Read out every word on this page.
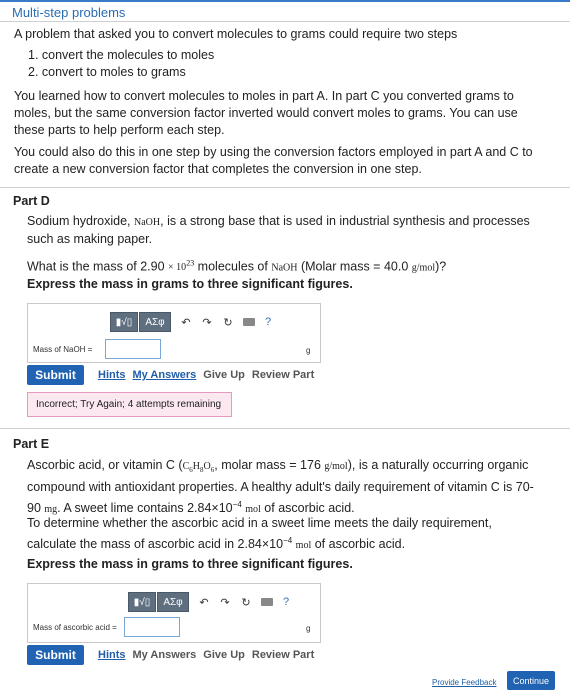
Multi-step problems
A problem that asked you to convert molecules to grams could require two steps
1. convert the molecules to moles
2. convert to moles to grams
You learned how to convert molecules to moles in part A. In part C you converted grams to
moles, but the same conversion factor inverted would convert moles to grams. You can use
these parts to help perform each step.
You could also do this in one step by using the conversion factors employed in part A and C to
create a new conversion factor that completes the conversion in one step.
Part D
Sodium hydroxide, NaOH, is a strong base that is used in industrial synthesis and processes
such as making paper.
What is the mass of $2.90 \times 10^{23}$ molecules of NaOH (Molar mass = 40.0 g/mol)?
Express the mass in grams to three significant figures.
▮√▯	ΑΣφ	↶ ↷ ↻	?
Mass of NaOH =	g
Submit	Hints My Answers Give Up Review Part
Incorrect; Try Again; 4 attempts remaining
Part E
Ascorbic acid, or vitamin C ($C_6H_8O_6$, molar mass = 176 g/mol), is a naturally occurring organic
compound with antioxidant properties. A healthy adult's daily requirement of vitamin C is 70-
90 mg. A sweet lime contains $2.84\times 10^{-4}$ mol of ascorbic acid.
To determine whether the ascorbic acid in a sweet lime meets the daily requirement,
calculate the mass of ascorbic acid in $2.84\times 10^{-4}$ mol of ascorbic acid.
Express the mass in grams to three significant figures.
▮√▯	ΑΣφ	↶ ↷ ↻	?
Mass of ascorbic acid =	g
Submit	Hints My Answers Give Up Review Part
Provide Feedback	Continue
